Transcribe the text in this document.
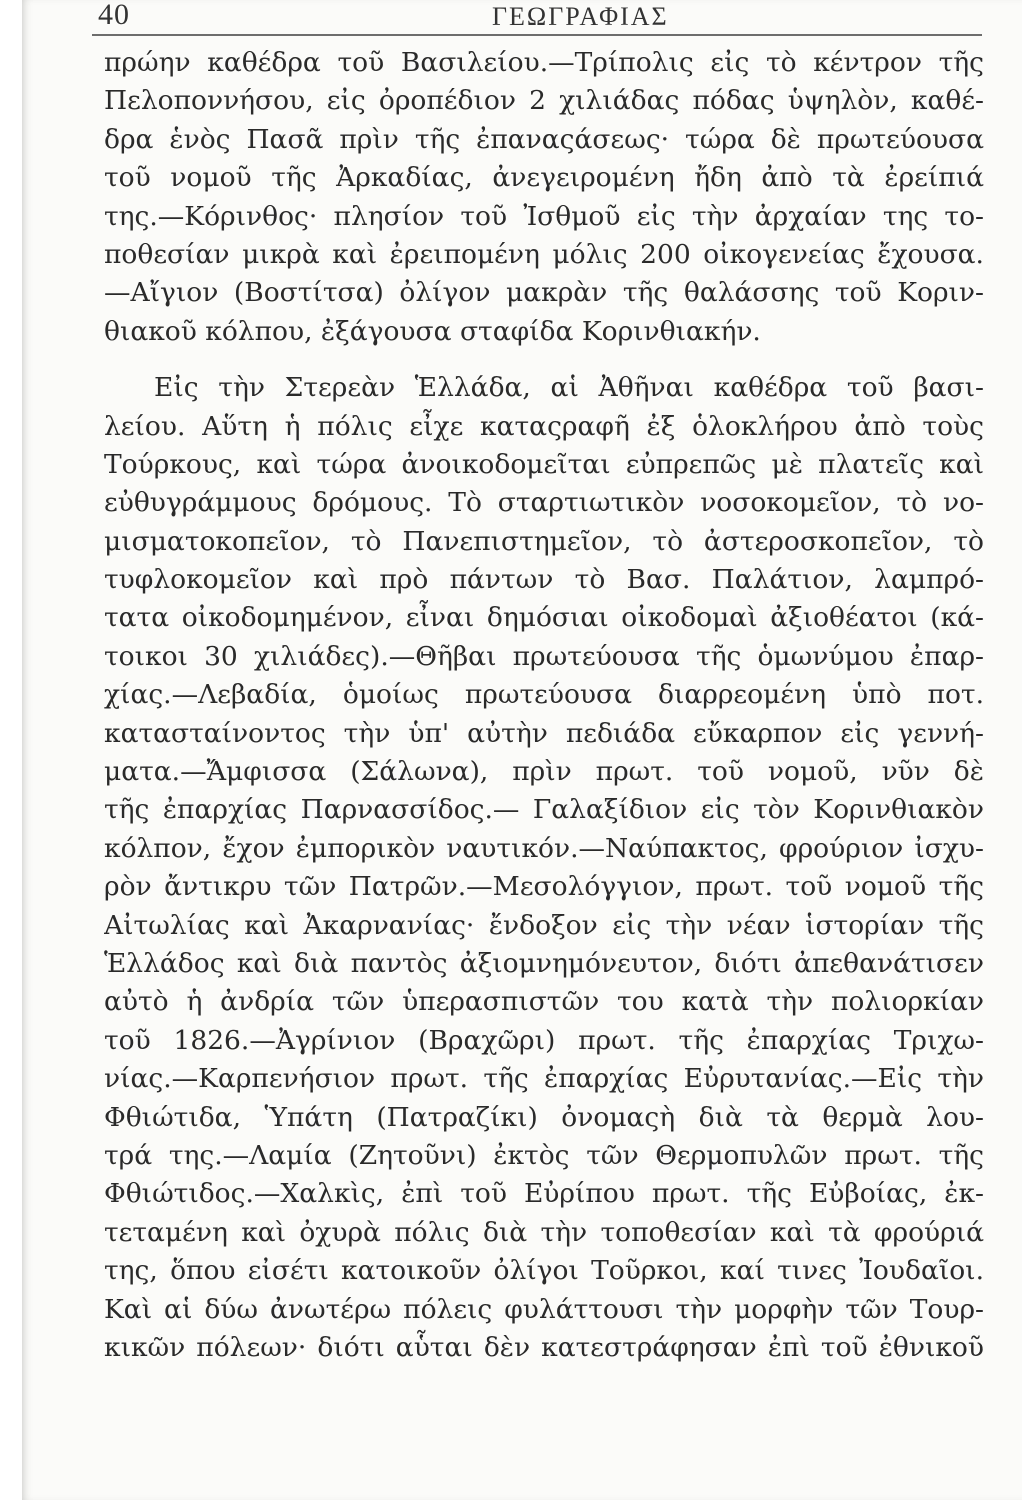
40	ΓΕΩΓΡΑΦΙΑΣ
πρώην καθέδρα τοῦ Βασιλείου.—Τρίπολις εἰς τὸ κέντρον τῆς
Πελοποννήσου, εἰς ὀροπέδιον 2 χιλιάδας πόδας ὑψηλὸν, καθέ-
δρα ἑνὸς Πασᾶ πρὶν τῆς ἐπαναςάσεως· τώρα δὲ πρωτεύουσα
τοῦ νομοῦ τῆς Ἀρκαδίας, ἀνεγειρομένη ἤδη ἀπὸ τὰ ἐρείπιά
της.—Κόρινθος· πλησίον τοῦ Ἰσθμοῦ εἰς τὴν ἀρχαίαν της το-
ποθεσίαν μικρὰ καὶ ἐρειπομένη μόλις 200 οἰκογενείας ἔχουσα.
—Αἴγιον (Βοστίτσα) ὀλίγον μακρὰν τῆς θαλάσσης τοῦ Κοριν-
θιακοῦ κόλπου, ἐξάγουσα σταφίδα Κορινθιακήν.
Εἰς τὴν Στερεὰν Ἑλλάδα, αἱ Ἀθῆναι καθέδρα τοῦ βασι-
λείου. Αὕτη ἡ πόλις εἶχε καταςραφῆ ἐξ ὁλοκλήρου ἀπὸ τοὺς
Τούρκους, καὶ τώρα ἀνοικοδομεῖται εὐπρεπῶς μὲ πλατεῖς καὶ
εὐθυγράμμους δρόμους. Τὸ σταρτιωτικὸν νοσοκομεῖον, τὸ νο-
μισματοκοπεῖον, τὸ Πανεπιστημεῖον, τὸ ἀστεροσκοπεῖον, τὸ
τυφλοκομεῖον καὶ πρὸ πάντων τὸ Βασ. Παλάτιον, λαμπρό-
τατα οἰκοδομημένον, εἶναι δημόσιαι οἰκοδομαὶ ἀξιοθέατοι (κά-
τοικοι 30 χιλιάδες).—Θῆβαι πρωτεύουσα τῆς ὁμωνύμου ἐπαρ-
χίας.—Λεβαδία, ὁμοίως πρωτεύουσα διαρρεομένη ὑπὸ ποτ.
κατασταίνοντος τὴν ὑπ' αὐτὴν πεδιάδα εὔκαρπον εἰς γεννή-
ματα.—Ἄμφισσα (Σάλωνα), πρὶν πρωτ. τοῦ νομοῦ, νῦν δὲ
τῆς ἐπαρχίας Παρνασσίδος.— Γαλαξίδιον εἰς τὸν Κορινθιακὸν
κόλπον, ἔχον ἐμπορικὸν ναυτικόν.—Ναύπακτος, φρούριον ἰσχυ-
ρὸν ἄντικρυ τῶν Πατρῶν.—Μεσολόγγιον, πρωτ. τοῦ νομοῦ τῆς
Αἰτωλίας καὶ Ἀκαρνανίας· ἔνδοξον εἰς τὴν νέαν ἱστορίαν τῆς
Ἑλλάδος καὶ διὰ παντὸς ἀξιομνημόνευτον, διότι ἀπεθανάτισεν
αὐτὸ ἡ ἀνδρία τῶν ὑπερασπιστῶν του κατὰ τὴν πολιορκίαν
τοῦ 1826.—Ἀγρίνιον (Βραχῶρι) πρωτ. τῆς ἐπαρχίας Τριχω-
νίας.—Καρπενήσιον πρωτ. τῆς ἐπαρχίας Εὐρυτανίας.—Εἰς τὴν
Φθιώτιδα, Ὑπάτη (Πατραζίκι) ὀνομαςὴ διὰ τὰ θερμὰ λου-
τρά της.—Λαμία (Ζητοῦνι) ἐκτὸς τῶν Θερμοπυλῶν πρωτ. τῆς
Φθιώτιδος.—Χαλκὶς, ἐπὶ τοῦ Εὐρίπου πρωτ. τῆς Εὐβοίας, ἐκ-
τεταμένη καὶ ὀχυρὰ πόλις διὰ τὴν τοποθεσίαν καὶ τὰ φρούριά
της, ὅπου εἰσέτι κατοικοῦν ὀλίγοι Τοῦρκοι, καί τινες Ἰουδαῖοι.
Καὶ αἱ δύω ἀνωτέρω πόλεις φυλάττουσι τὴν μορφὴν τῶν Τουρ-
κικῶν πόλεων· διότι αὗται δὲν κατεστράφησαν ἐπὶ τοῦ ἐθνικοῦ
